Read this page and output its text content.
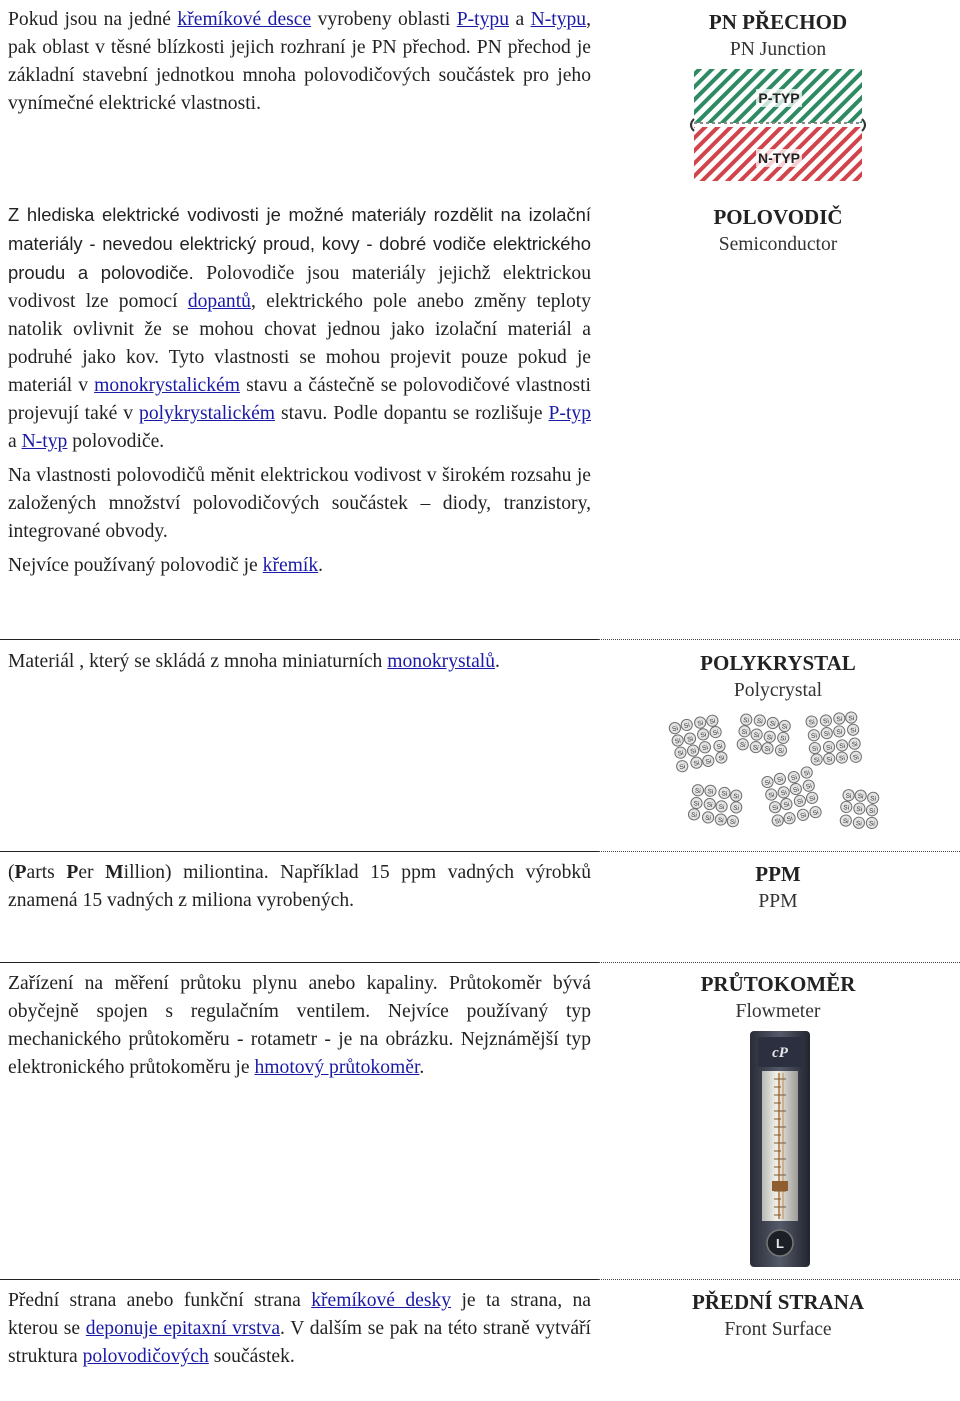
Pokud jsou na jedné křemíkové desce vyrobeny oblasti P-typu a N-typu, pak oblast v těsné blízkosti jejich rozhraní je PN přechod. PN přechod je základní stavební jednotkou mnoha polovodičových součástek pro jeho vynímečné elektrické vlastnosti.

PN PŘECHOD
PN Junction
P-TYP
N-TYP

Z hlediska elektrické vodivosti je možné materiály rozdělit na izolační materiály - nevedou elektrický proud, kovy - dobré vodiče elektrického proudu a polovodiče. Polovodiče jsou materiály jejichž elektrickou vodivost lze pomocí dopantů, elektrického pole anebo změny teploty natolik ovlivnit že se mohou chovat jednou jako izolační materiál a podruhé jako kov. Tyto vlastnosti se mohou projevit pouze pokud je materiál v monokrystalickém stavu a částečně se polovodičové vlastnosti projevují také v polykrystalickém stavu. Podle dopantu se rozlišuje P-typ a N-typ polovodiče.

Na vlastnosti polovodičů měnit elektrickou vodivost v širokém rozsahu je založených množství polovodičových součástek – diody, tranzistory, integrované obvody.

Nejvíce používaný polovodič je křemík.

POLOVODIČ
Semiconductor

Materiál , který se skládá z mnoha miniaturních monokrystalů.	POLYKRYSTAL
Polycrystal
Si Si Si Si
Si Si
Si Si
Si Si Si Si
Si Si Si Si
Si Si Si Si
Si Si Si Si
Si Si Si Si
Si Si Si Si
Si Si Si Si
Si Si Si Si
Si Si Si Si
Si Si Si Si
Si Si Si Si
Si Si Si Si
Si Si Si
Si
Si Si Si Si
Si Si Si Si
Si Si Si Si
Si Si Si
Si Si Si
Si Si Si

(Parts Per Million) miliontina. Například 15 ppm vadných výrobků znamená 15 vadných z miliona vyrobených.

PPM
PPM

Zařízení na měření průtoku plynu anebo kapaliny. Průtokoměr bývá obyčejně spojen s regulačním ventilem. Nejvíce používaný typ mechanického průtokoměru - rotametr - je na obrázku. Nejznámější typ elektronického průtokoměru je hmotový průtokoměr.

PRŮTOKOMĚR
Flowmeter
cP
L

Přední strana anebo funkční strana křemíkové desky je ta strana, na kterou se deponuje epitaxní vrstva. V dalším se pak na této straně vytváří struktura polovodičových součástek.

PŘEDNÍ STRANA
Front Surface
